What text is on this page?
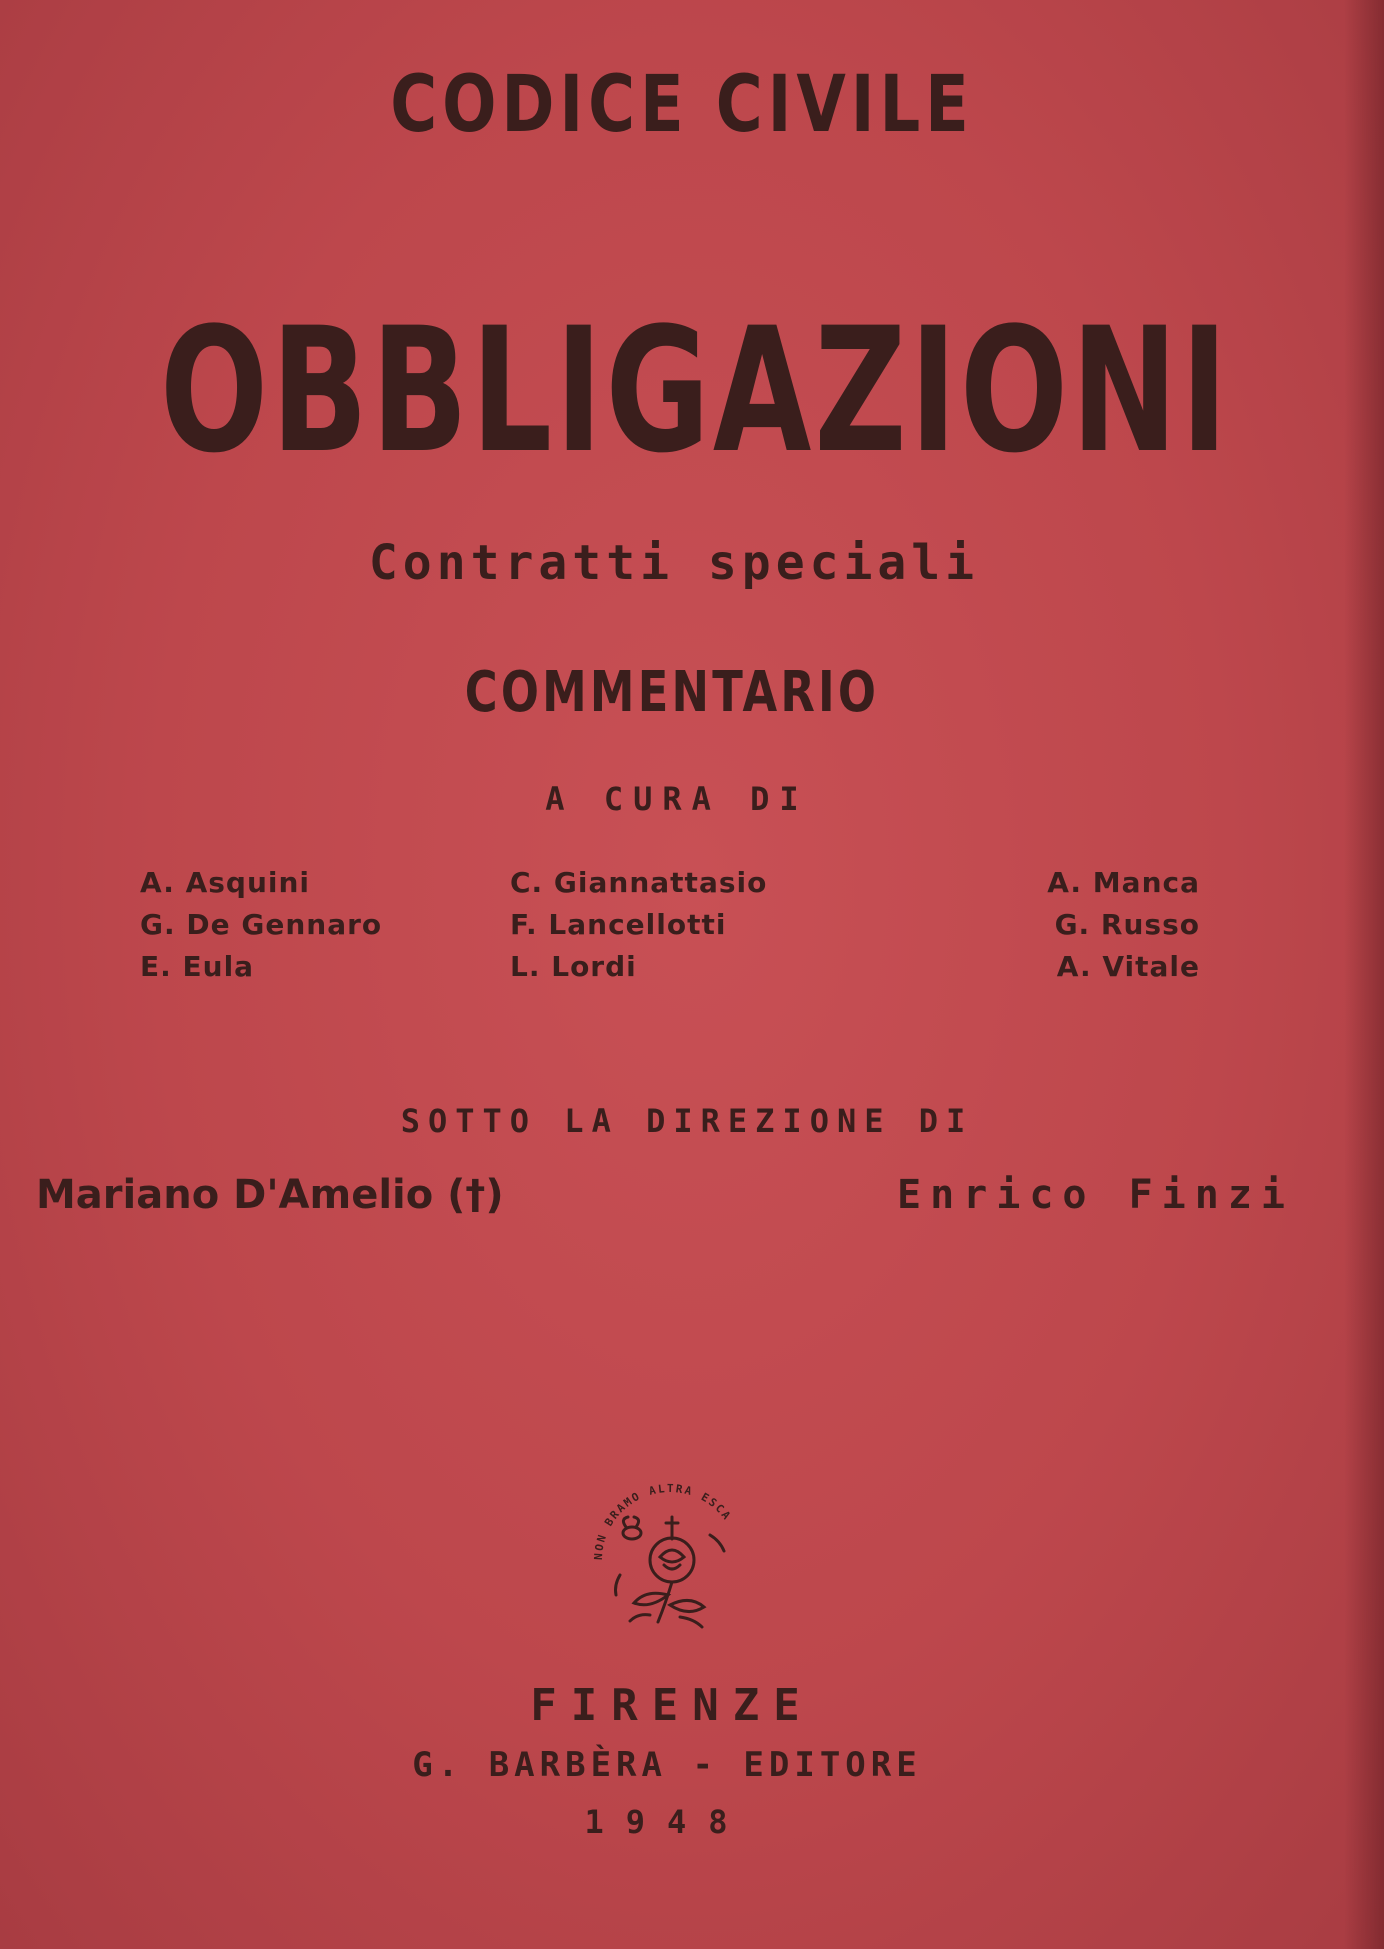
CODICE CIVILE
OBBLIGAZIONI
Contratti speciali
COMMENTARIO
A CURA DI
A. Asquini	C. Giannattasio	A. Manca
G. De Gennaro	F. Lancellotti	G. Russo
E. Eula	L. Lordi	A. Vitale
SOTTO LA DIREZIONE DI
Mariano D'Amelio (†)	Enrico Finzi
NON BRAMO ALTRA ESCA
FIRENZE
G. BARBÈRA - EDITORE
1948
